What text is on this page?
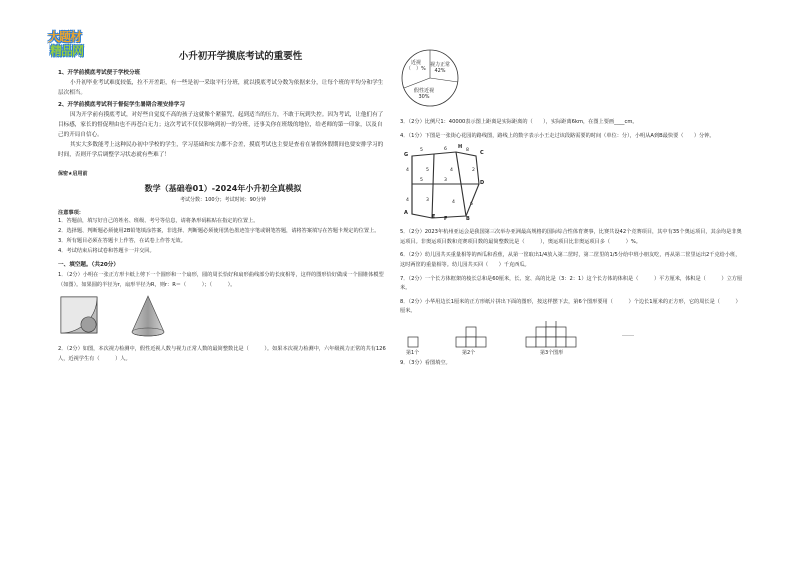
大题材
精品网	小升初开学摸底考试的重要性
1、开学前摸底考试便于学校分班
小升初毕业考试难度较低，拉不开差距，有一些是初一采取平行分班，就以摸底考试分数为依据来分，让每个班的平均分和学生层次相当。
2、开学前摸底考试利于督促学生暑期合理安排学习
因为开学前有摸底考试，对好些自觉度不高的孩子这就像个紧箍咒，起到适当的压力，不敢于玩到失控。因为考试，让他们有了目标感，家长的督促理由也不再苍白无力；这次考试不仅仅影响到初一的分班，还事关你在班级的地位，给老师的第一印象，以及自己的开局自信心。
其实大多数能考上这种民办初中学校的学生，学习基础和实力都不会差，摸底考试也主要是查看在暑假休假期间也要安排学习的时间，否则开学后调整学习状态就有些难了！
保密★启用前
数学（基础卷01）-2024年小升初全真模拟
考试分数：100分；考试时间：90分钟
注意事项：
1．答题前，填写好自己的姓名、班级、考号等信息，请将条形码粘贴在指定的位置上。
2．选择题、判断题必须使用2B铅笔填涂答案，非选择、判断题必须使用黑色墨迹签字笔或钢笔答题，请将答案填写在答题卡规定的位置上。
3．所有题目必须在答题卡上作答，在试卷上作答无效。
4．考试结束后将试卷和答题卡一并交回。
一、填空题。（共20分）
1．（2分）小明在一张正方形卡纸上剪下一个圆形和一个扇形，圆的周长恰好和扇形曲线部分的长度相等，这样的图形恰好做成一个圆锥体模型（如图）。如果圆的半径为r，扇形半径为R，则r：R＝（　　　）；（　　　）。
2．（2分）如图，本次视力检测中，假性近视人数与视力正常人数的最简整数比是（　　　）。如果本次视力检测中，六年级视力正常的共有126人，近视学生有（　　　）人。
近视
（　）%
视力正常
42%
假性近视
30%
3．（2分）比例尺1：40000表示图上距离是实际距离的（　　），实际距离6km，在图上要画____cm。
4．（1分）下图是一张街心花园的路线图，路线上的数字表示小王走过该段路需要的时间（单位：分），小明从A到B最快要（　　）分钟。
G
H
C
D
E F
A
B
5	6	8
4	5	4	2
5	3
4	3	4	6
5．（2分）2023年杭州亚运会是我国第三次举办亚洲最高规格的国际综合性体育赛事，比赛共设42个竞赛项目，其中有35个奥运项目，其余均是非奥运项目。非奥运项目数和竞赛项目数的最简整数比是（　　　），奥运项目比非奥运项目多（　　　）%。
6．（2分）幼儿园共买重量相等的西瓜和香蕉，从第一筐取出1/4放入第二筐时，第二筐里的1/5分给中班小朋友吃，再从第二筐里运出2千克给小班，这时两筐的重量相等。幼儿园共买回（　　）千克西瓜。
7．（2分）一个长方体框架的棱长总和是60厘米，长、宽、高的比是（3：2：1）这个长方体的体积是（　　　）平方厘米，体积是（　　　）立方厘米。
8．（2分）小华用边长1厘米的正方形纸片拼出下面的图形，按这样摆下去，第6个图形要用（　　　）个边长1厘米的正方形，它的周长是（　　　）厘米。
第1个	第2个	第3个图形
……
9．（3分）看图填空。
